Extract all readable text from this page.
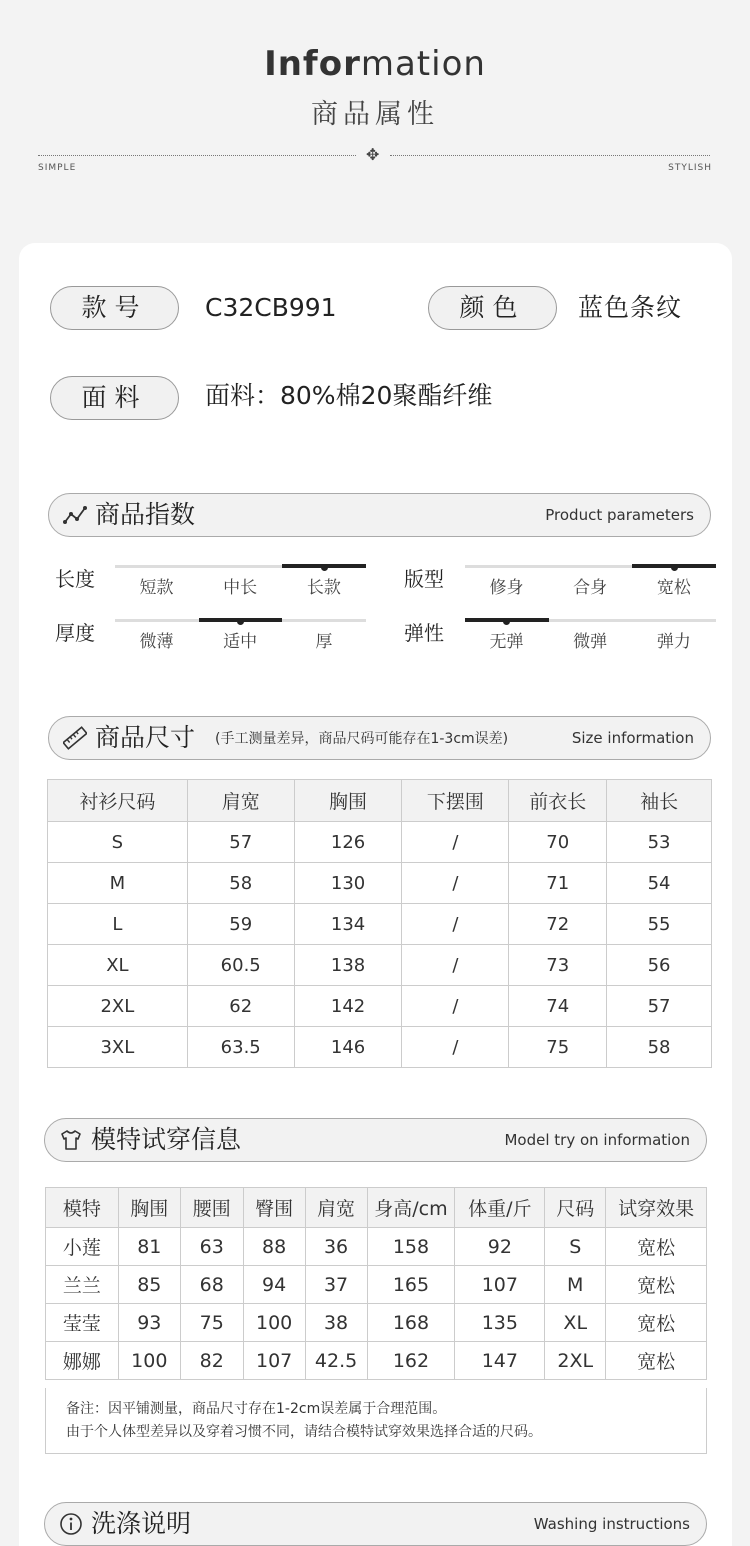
Information
商品属性
✥
SIMPLE	STYLISH
款号	C32CB991	颜色	蓝色条纹
面料	面料：80%棉20聚酯纤维
商品指数	Product parameters
长度	短款	中长	长款	版型	修身	合身	宽松
厚度	微薄	适中	厚	弹性	无弹	微弹	弹力
商品尺寸 (手工测量差异，商品尺码可能存在1-3cm误差)	Size information
衬衫尺码	肩宽	胸围	下摆围	前衣长	袖长
S	57	126	/	70	53
M	58	130	/	71	54
L	59	134	/	72	55
XL	60.5	138	/	73	56
2XL	62	142	/	74	57
3XL	63.5	146	/	75	58
模特试穿信息	Model try on information
模特	胸围	腰围	臀围	肩宽	身高/cm	体重/斤	尺码	试穿效果
小莲	81	63	88	36	158	92	S	宽松
兰兰	85	68	94	37	165	107	M	宽松
莹莹	93	75	100	38	168	135	XL	宽松
娜娜	100	82	107	42.5	162	147	2XL	宽松
备注：因平铺测量，商品尺寸存在1-2cm误差属于合理范围。
由于个人体型差异以及穿着习惯不同，请结合模特试穿效果选择合适的尺码。
洗涤说明	Washing instructions
